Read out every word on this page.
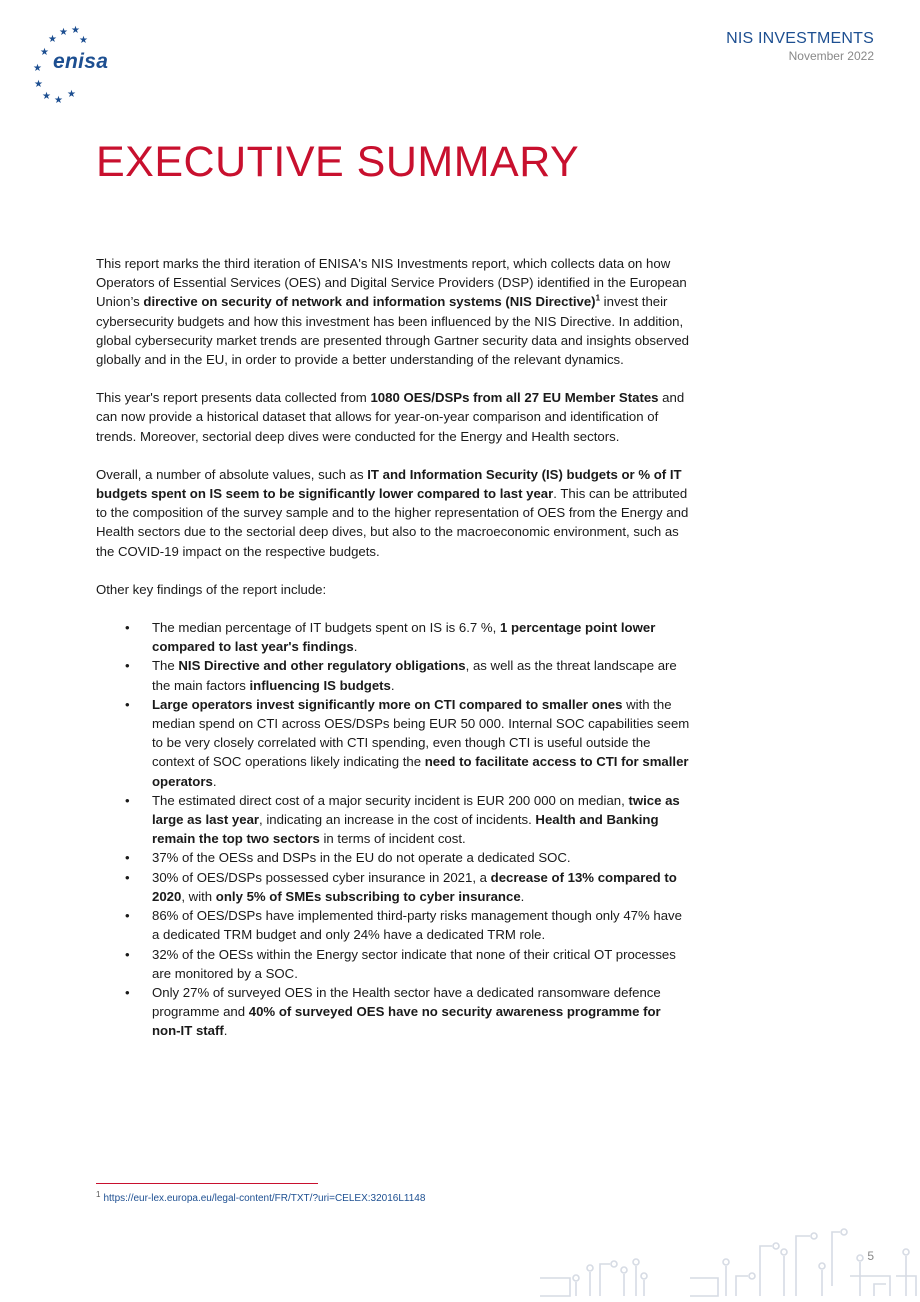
★ ★
★ ★
★
★
★
★ ★
★
enisa
NIS INVESTMENTS
November 2022
EXECUTIVE SUMMARY

This report marks the third iteration of ENISA's NIS Investments report, which collects data on how Operators of Essential Services (OES) and Digital Service Providers (DSP) identified in the European Union’s directive on security of network and information systems (NIS Directive)$^1$ invest their cybersecurity budgets and how this investment has been influenced by the NIS Directive. In addition, global cybersecurity market trends are presented through Gartner security data and insights observed globally and in the EU, in order to provide a better understanding of the relevant dynamics.

This year's report presents data collected from 1080 OES/DSPs from all 27 EU Member States and can now provide a historical dataset that allows for year-on-year comparison and identification of trends. Moreover, sectorial deep dives were conducted for the Energy and Health sectors.

Overall, a number of absolute values, such as IT and Information Security (IS) budgets or % of IT budgets spent on IS seem to be significantly lower compared to last year. This can be attributed to the composition of the survey sample and to the higher representation of OES from the Energy and Health sectors due to the sectorial deep dives, but also to the macroeconomic environment, such as the COVID-19 impact on the respective budgets.

Other key findings of the report include:

• The median percentage of IT budgets spent on IS is 6.7 %, 1 percentage point lower compared to last year's findings.
• The NIS Directive and other regulatory obligations, as well as the threat landscape are the main factors influencing IS budgets.
• Large operators invest significantly more on CTI compared to smaller ones with the median spend on CTI across OES/DSPs being EUR 50 000. Internal SOC capabilities seem to be very closely correlated with CTI spending, even though CTI is useful outside the context of SOC operations likely indicating the need to facilitate access to CTI for smaller operators.
• The estimated direct cost of a major security incident is EUR 200 000 on median, twice as large as last year, indicating an increase in the cost of incidents. Health and Banking remain the top two sectors in terms of incident cost.
• 37% of the OESs and DSPs in the EU do not operate a dedicated SOC.
• 30% of OES/DSPs possessed cyber insurance in 2021, a decrease of 13% compared to 2020, with only 5% of SMEs subscribing to cyber insurance.
• 86% of OES/DSPs have implemented third-party risks management though only 47% have a dedicated TRM budget and only 24% have a dedicated TRM role.
• 32% of the OESs within the Energy sector indicate that none of their critical OT processes are monitored by a SOC.
• Only 27% of surveyed OES in the Health sector have a dedicated ransomware defence programme and 40% of surveyed OES have no security awareness programme for non-IT staff.
$^1$ https://eur-lex.europa.eu/legal-content/FR/TXT/?uri=CELEX:32016L1148
5
